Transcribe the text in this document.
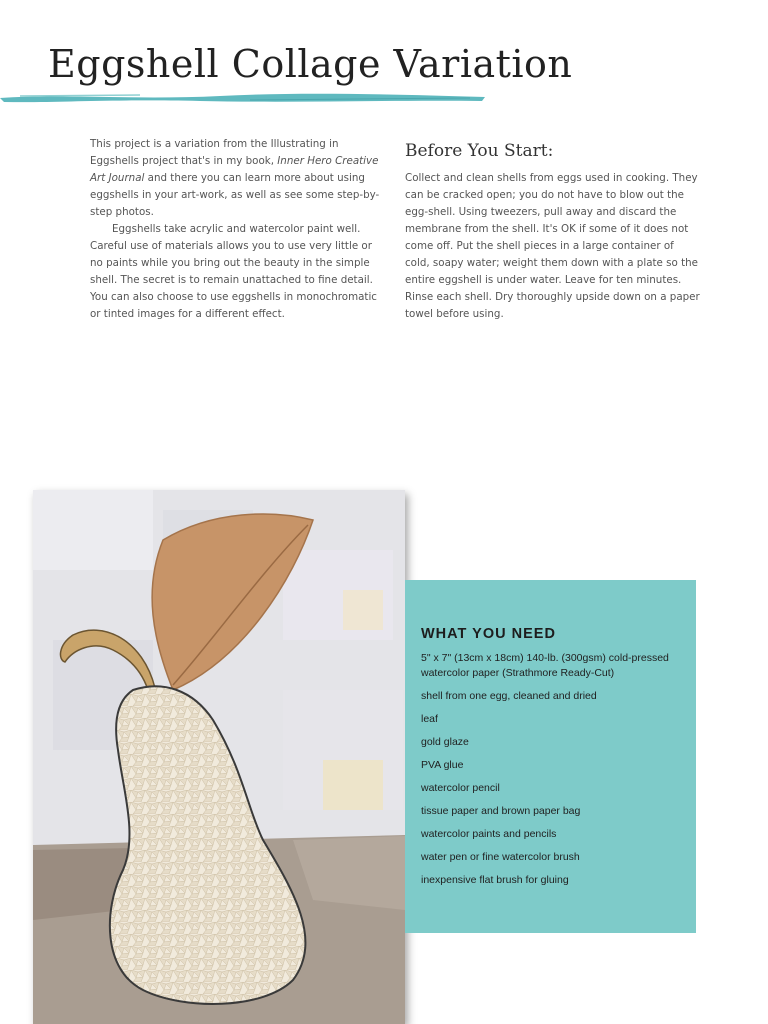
Eggshell Collage Variation

This project is a variation from the Illustrating in Eggshells project that's in my book, Inner Hero Creative Art Journal and there you can learn more about using eggshells in your art-work, as well as see some step-by-step photos.

Eggshells take acrylic and watercolor paint well. Careful use of materials allows you to use very little or no paints while you bring out the beauty in the simple shell. The secret is to remain unattached to fine detail. You can also choose to use eggshells in monochromatic or tinted images for a different effect.

Before You Start:

Collect and clean shells from eggs used in cooking. They can be cracked open; you do not have to blow out the egg-shell. Using tweezers, pull away and discard the membrane from the shell. It's OK if some of it does not come off. Put the shell pieces in a large container of cold, soapy water; weight them down with a plate so the entire eggshell is under water. Leave for ten minutes. Rinse each shell. Dry thoroughly upside down on a paper towel before using.

WHAT YOU NEED
5" x 7" (13cm x 18cm) 140-lb. (300gsm) cold-pressed watercolor paper (Strathmore Ready-Cut)
shell from one egg, cleaned and dried
leaf
gold glaze
PVA glue
watercolor pencil
tissue paper and brown paper bag
watercolor paints and pencils
water pen or fine watercolor brush
inexpensive flat brush for gluing
